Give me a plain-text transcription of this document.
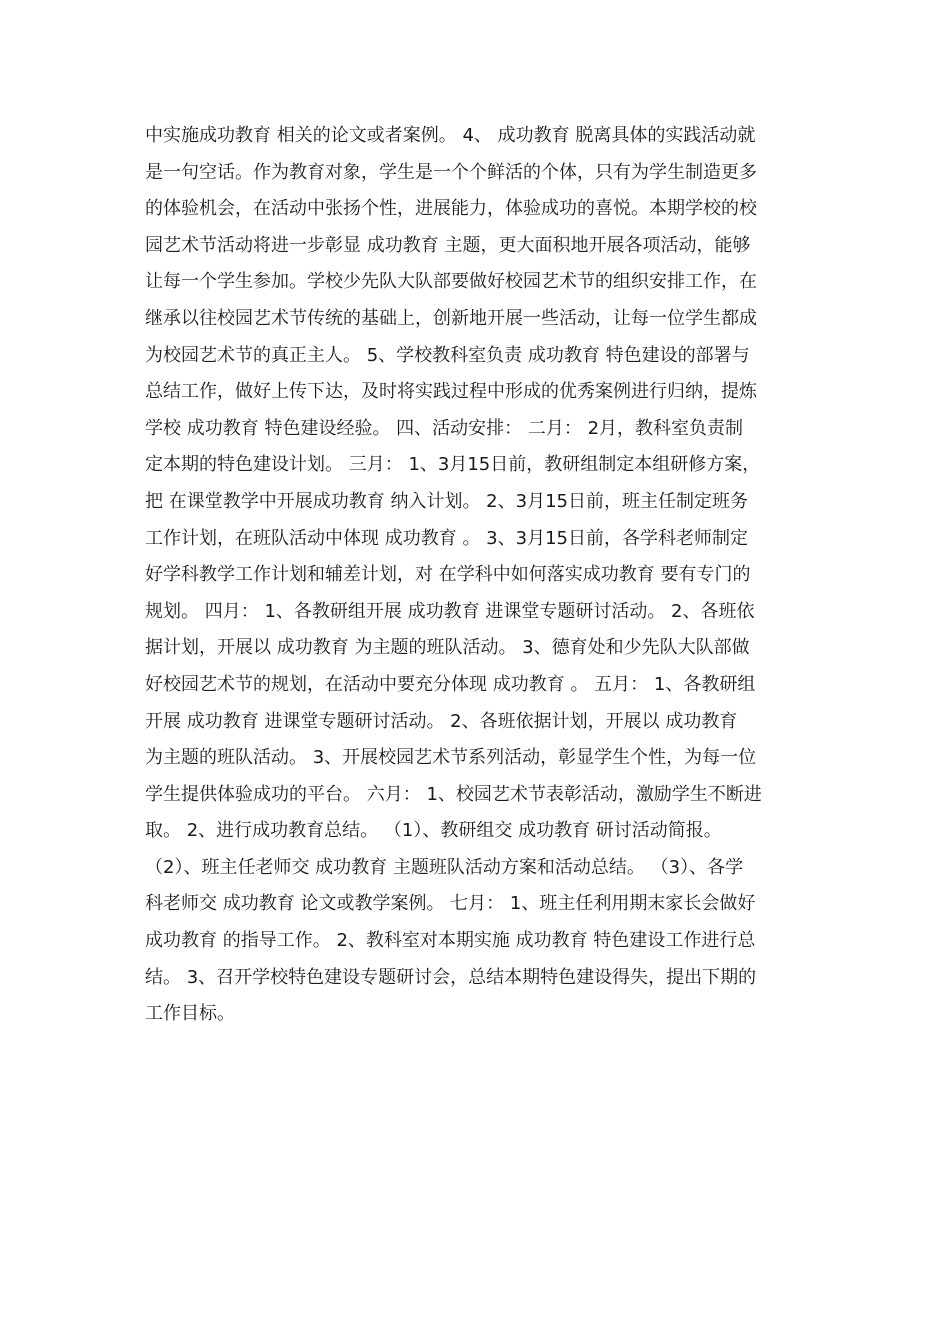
中实施成功教育 相关的论文或者案例。 4、 成功教育 脱离具体的实践活动就
是一句空话。作为教育对象，学生是一个个鲜活的个体，只有为学生制造更多
的体验机会，在活动中张扬个性，进展能力，体验成功的喜悦。本期学校的校
园艺术节活动将进一步彰显 成功教育 主题，更大面积地开展各项活动，能够
让每一个学生参加。学校少先队大队部要做好校园艺术节的组织安排工作，在
继承以往校园艺术节传统的基础上，创新地开展一些活动，让每一位学生都成
为校园艺术节的真正主人。 5、学校教科室负责 成功教育 特色建设的部署与
总结工作，做好上传下达，及时将实践过程中形成的优秀案例进行归纳，提炼
学校 成功教育 特色建设经验。 四、活动安排： 二月： 2月，教科室负责制
定本期的特色建设计划。 三月： 1、3月15日前，教研组制定本组研修方案，
把 在课堂教学中开展成功教育 纳入计划。 2、3月15日前，班主任制定班务
工作计划，在班队活动中体现 成功教育 。 3、3月15日前，各学科老师制定
好学科教学工作计划和辅差计划，对 在学科中如何落实成功教育 要有专门的
规划。 四月： 1、各教研组开展 成功教育 进课堂专题研讨活动。 2、各班依
据计划，开展以 成功教育 为主题的班队活动。 3、德育处和少先队大队部做
好校园艺术节的规划，在活动中要充分体现 成功教育 。 五月： 1、各教研组
开展 成功教育 进课堂专题研讨活动。 2、各班依据计划，开展以 成功教育
为主题的班队活动。 3、开展校园艺术节系列活动，彰显学生个性，为每一位
学生提供体验成功的平台。 六月： 1、校园艺术节表彰活动，激励学生不断进
取。 2、进行成功教育总结。 （1）、教研组交 成功教育 研讨活动简报。
（2）、班主任老师交 成功教育 主题班队活动方案和活动总结。 （3）、各学
科老师交 成功教育 论文或教学案例。 七月： 1、班主任利用期末家长会做好
成功教育 的指导工作。 2、教科室对本期实施 成功教育 特色建设工作进行总
结。 3、召开学校特色建设专题研讨会，总结本期特色建设得失，提出下期的
工作目标。
